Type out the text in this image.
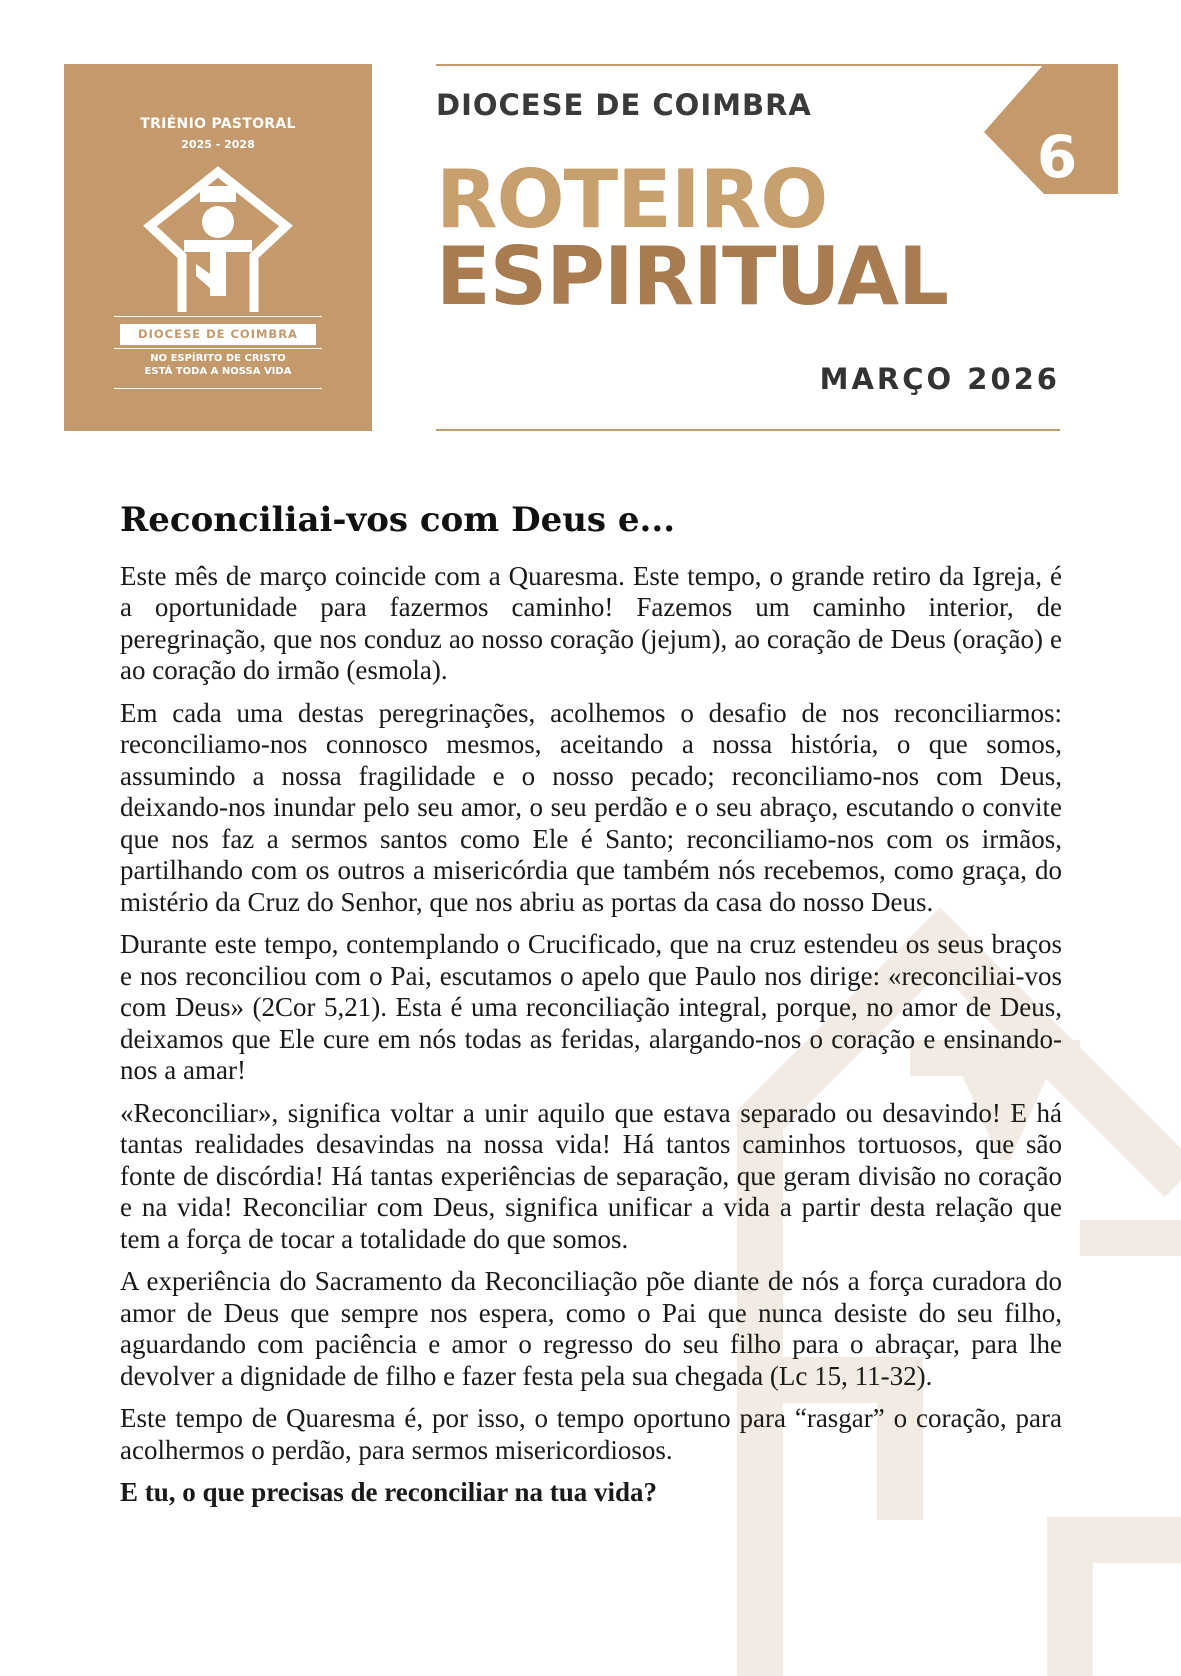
TRIÉNIO PASTORAL
2025 - 2028
DIOCESE DE COIMBRA
NO ESPÍRITO DE CRISTO
ESTÁ TODA A NOSSA VIDA
DIOCESE DE COIMBRA
ROTEIRO
ESPIRITUAL
6
MARÇO 2026
Reconciliai-vos com Deus e...

Este mês de março coincide com a Quaresma. Este tempo, o grande retiro da Igreja, é a oportunidade para fazermos caminho! Fazemos um caminho interior, de peregrinação, que nos conduz ao nosso coração (jejum), ao coração de Deus (oração) e ao coração do irmão (esmola).

Em cada uma destas peregrinações, acolhemos o desafio de nos reconciliarmos: reconciliamo-nos connosco mesmos, aceitando a nossa história, o que somos, assumindo a nossa fragilidade e o nosso pecado; reconciliamo-nos com Deus, deixando-nos inundar pelo seu amor, o seu perdão e o seu abraço, escutando o convite que nos faz a sermos santos como Ele é Santo; reconciliamo-nos com os irmãos, partilhando com os outros a misericórdia que também nós recebemos, como graça, do mistério da Cruz do Senhor, que nos abriu as portas da casa do nosso Deus.

Durante este tempo, contemplando o Crucificado, que na cruz estendeu os seus braços e nos reconciliou com o Pai, escutamos o apelo que Paulo nos dirige: «reconciliai-vos com Deus» (2Cor 5,21). Esta é uma reconciliação integral, porque, no amor de Deus, deixamos que Ele cure em nós todas as feridas, alargando-nos o coração e ensinando-nos a amar!

«Reconciliar», significa voltar a unir aquilo que estava separado ou desavindo! E há tantas realidades desavindas na nossa vida! Há tantos caminhos tortuosos, que são fonte de discórdia! Há tantas experiências de separação, que geram divisão no coração e na vida! Reconciliar com Deus, significa unificar a vida a partir desta relação que tem a força de tocar a totalidade do que somos.

A experiência do Sacramento da Reconciliação põe diante de nós a força curadora do amor de Deus que sempre nos espera, como o Pai que nunca desiste do seu filho, aguardando com paciência e amor o regresso do seu filho para o abraçar, para lhe devolver a dignidade de filho e fazer festa pela sua chegada (Lc 15, 11-32).

Este tempo de Quaresma é, por isso, o tempo oportuno para “rasgar” o coração, para acolhermos o perdão, para sermos misericordiosos.

E tu, o que precisas de reconciliar na tua vida?
